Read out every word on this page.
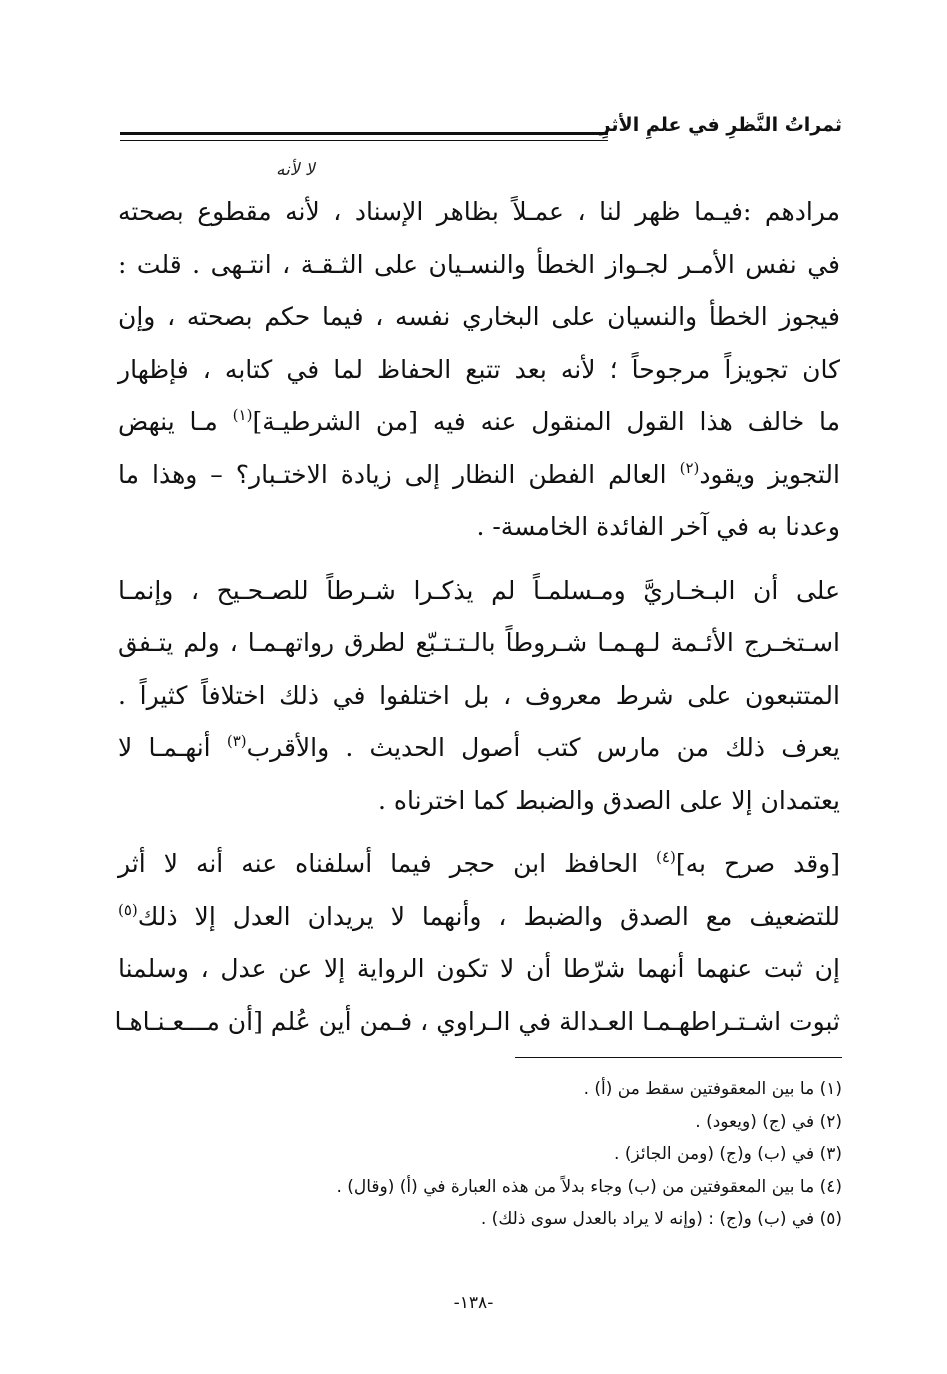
ثمراتُ النَّظرِ في علمِ الأثرِ
لا لأنه

مرادهم :فيـما ظهر لنا ، عمـلاً بظاهر الإسناد ، لأنه مقطوع بصحته
في نفس الأمـر لجـواز الخطأ والنسـيان على الثـقـة ، انتـهى . قلت :
فيجوز الخطأ والنسيان على البخاري نفسه ، فيما حكم بصحته ، وإن
كان تجويزاً مرجوحاً ؛ لأنه بعد تتبع الحفاظ لما في كتابه ، فإظهار
ما خالف هذا القول المنقول عنه فيه [من الشرطيـة]$^{(١)}$ مـا ينهض
التجويز ويقود$^{(٢)}$ العالم الفطن النظار إلى زيادة الاختـبار؟ – وهذا ما
وعدنا به في آخر الفائدة الخامسة- .

على أن البـخـاريَّ ومـسلمـاً لم يذكـرا شـرطاً للصـحـيح ، وإنمـا
اسـتخـرج الأئـمة لـهـمـا شـروطاً بالـتـتـبّع لطرق رواتهـمـا ، ولم يتـفق
المتتبعون على شرط معروف ، بل اختلفوا في ذلك اختلافاً كثيراً .
يعرف ذلك من مارس كتب أصول الحديث . والأقرب$^{(٣)}$ أنهـمـا لا
يعتمدان إلا على الصدق والضبط كما اخترناه .

[وقد صرح به]$^{(٤)}$ الحافظ ابن حجر فيما أسلفناه عنه أنه لا أثر
للتضعيف مع الصدق والضبط ، وأنهما لا يريدان العدل إلا ذلك$^{(٥)}$
إن ثبت عنهما أنهما شرّطا أن لا تكون الرواية إلا عن عدل ، وسلمنا
ثبوت اشـتـراطهـمـا العـدالة في الـراوي ، فـمن أين عُلم [أن مـــعـنـاهـا

(١) ما بين المعقوفتين سقط من (أ) .
(٢) في (ج) (ويعود) .
(٣) في (ب) و(ج) (ومن الجائز) .
(٤) ما بين المعقوفتين من (ب) وجاء بدلاً من هذه العبارة في (أ) (وقال) .
(٥) في (ب) و(ج) : (وإنه لا يراد بالعدل سوى ذلك) .
-١٣٨-
